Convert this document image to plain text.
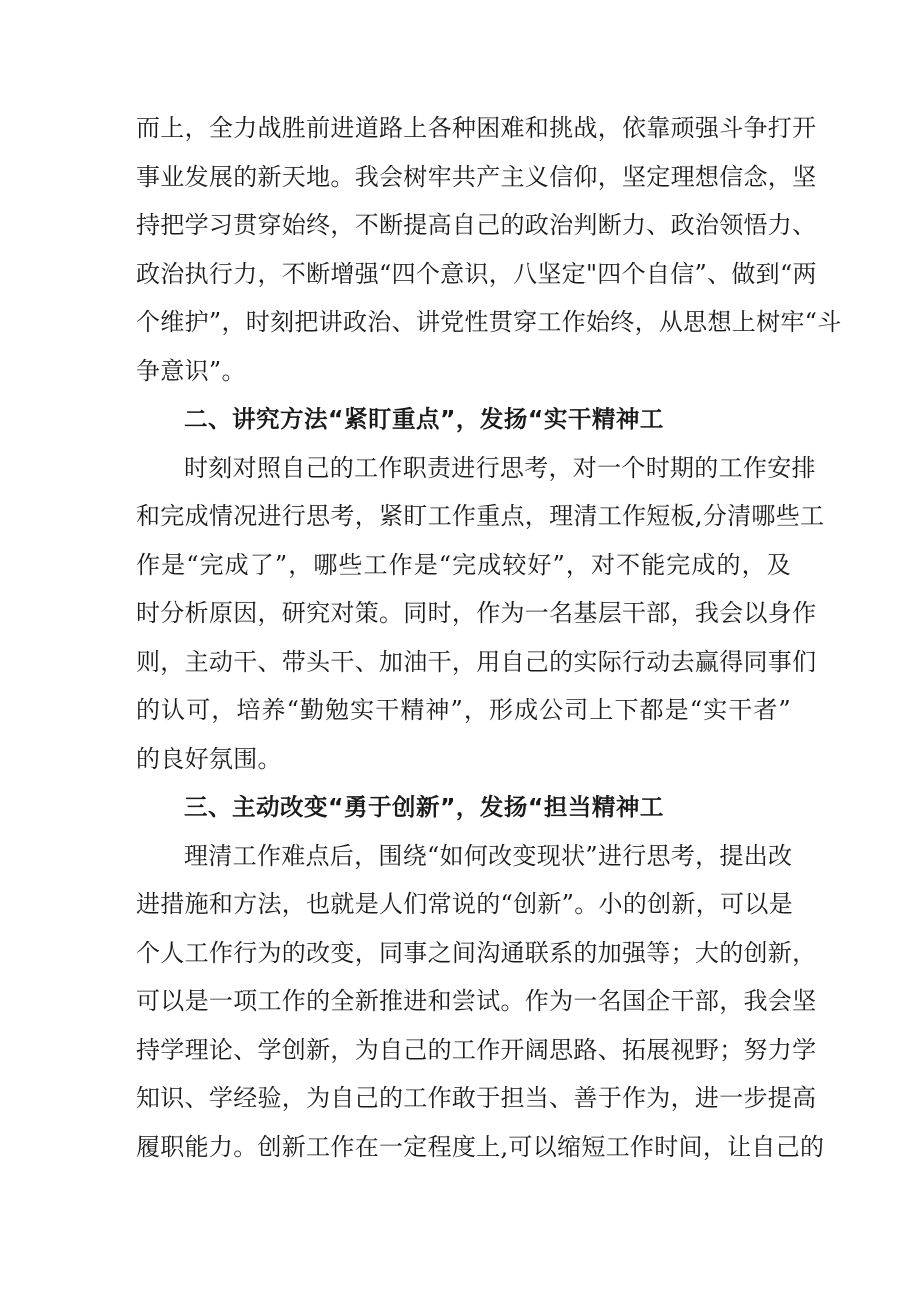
而上，全力战胜前进道路上各种困难和挑战，依靠顽强斗争打开
事业发展的新天地。我会树牢共产主义信仰，坚定理想信念，坚
持把学习贯穿始终，不断提高自己的政治判断力、政治领悟力、
政治执行力，不断增强“四个意识，八坚定"四个自信”、做到“两
个维护”，时刻把讲政治、讲党性贯穿工作始终，从思想上树牢“斗
争意识”。
二、讲究方法“紧盯重点”，发扬“实干精神工
时刻对照自己的工作职责进行思考，对一个时期的工作安排
和完成情况进行思考，紧盯工作重点，理清工作短板,分清哪些工
作是“完成了”，哪些工作是“完成较好”，对不能完成的，及
时分析原因，研究对策。同时，作为一名基层干部，我会以身作
则，主动干、带头干、加油干，用自己的实际行动去赢得同事们
的认可，培养“勤勉实干精神”，形成公司上下都是“实干者”
的良好氛围。
三、主动改变“勇于创新”，发扬“担当精神工
理清工作难点后，围绕“如何改变现状”进行思考，提出改
进措施和方法，也就是人们常说的“创新”。小的创新，可以是
个人工作行为的改变，同事之间沟通联系的加强等；大的创新，
可以是一项工作的全新推进和尝试。作为一名国企干部，我会坚
持学理论、学创新，为自己的工作开阔思路、拓展视野；努力学
知识、学经验，为自己的工作敢于担当、善于作为，进一步提高
履职能力。创新工作在一定程度上,可以缩短工作时间，让自己的
